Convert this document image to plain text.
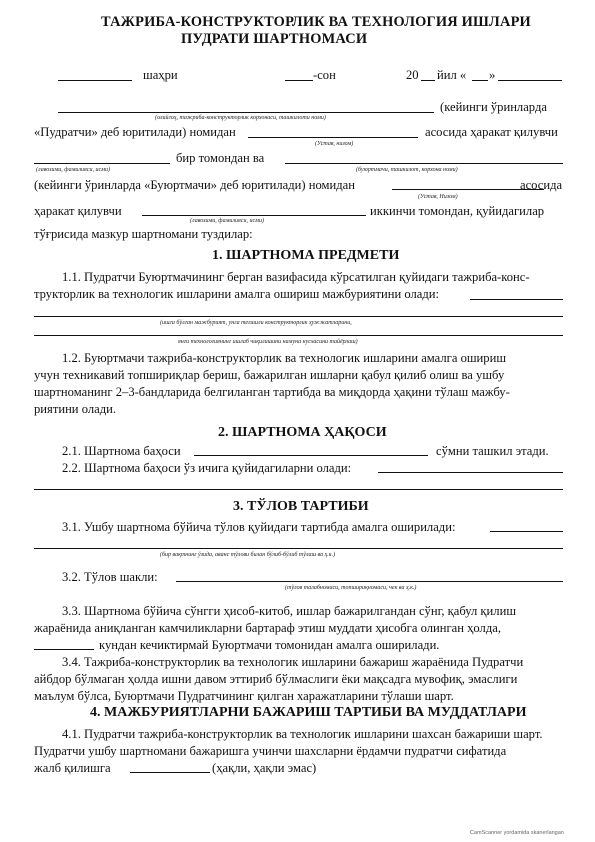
ТАЖРИБА-КОНСТРУКТОРЛИК ВА ТЕХНОЛОГИЯ ИШЛАРИ
ПУДРАТИ ШАРТНОМАСИ
шаҳри	-сон	20 йил « »
(кейинги ўринларда
(олийгоҳ, тажриба-конструкторлик корхонаси, ташкилоти номи)
«Пудратчи» деб юритилади) номидан	асосида ҳаракат қилувчи
(Устав, низом)
бир томондан ва
(лавозими, фамилияси, исми)	(буюртмачи, ташкилот, корхона номи)
(кейинги ўринларда «Буюртмачи» деб юритилади) номидан	асосида
(Устав, Низом)
ҳаракат қилувчи	иккинчи томондан, қуйидагилар
(лавозими, фамилияси, исми)
тўғрисида мазкур шартномани туздилар:
1. ШАРТНОМА ПРЕДМЕТИ
1.1. Пудратчи Буюртмачининг берган вазифасида кўрсатилган қуйидаги тажриба-конс-
трукторлик ва технологик ишларини амалга ошириш мажбуриятини олади:
(ишга бўлган мажбурият, унга тегишли конструкторлик ҳужжатларини,
янги технологиянинг ишлаб чиқилишини намуна нусхасини тайёрлаш)
1.2. Буюртмачи тажриба-конструкторлик ва технологик ишларини амалга ошириш
учун техникавий топшириқлар бериш, бажарилган ишларни қабул қилиб олиш ва ушбу
шартноманинг 2–3-бандларида белгиланган тартибда ва миқдорда ҳақини тўлаш мажбу-
риятини олади.
2. ШАРТНОМА ҲАҚОСИ
2.1. Шартнома баҳоси	сўмни ташкил этади.
2.2. Шартнома баҳоси ўз ичига қуйидагиларни олади:
3. ТЎЛОВ ТАРТИБИ
3.1. Ушбу шартнома бўйича тўлов қуйидаги тартибда амалга оширилади:
(бир вақтнинг ўзида, аванс тўлови билан бўлиб-бўлиб тўлаш ва ҳ.к.)
3.2. Тўлов шакли:
(тўлов талабномаси, топшириқномаси, чек ва ҳ.к.)
3.3. Шартнома бўйича сўнгги ҳисоб-китоб, ишлар бажарилгандан сўнг, қабул қилиш
жараёнида аниқланган камчиликларни бартараф этиш муддати ҳисобга олинган ҳолда,
кундан кечиктирмай Буюртмачи томонидан амалга оширилади.
3.4. Тажриба-конструкторлик ва технологик ишларини бажариш жараёнида Пудратчи
айбдор бўлмаган ҳолда ишни давом эттириб бўлмаслиги ёки мақсадга мувофиқ, эмаслиги
маълум бўлса, Буюртмачи Пудратчининг қилган харажатларини тўлаши шарт.
4. МАЖБУРИЯТЛАРНИ БАЖАРИШ ТАРТИБИ ВА МУДДАТЛАРИ
4.1. Пудратчи тажриба-конструкторлик ва технологик ишларини шахсан бажариши шарт.
Пудратчи ушбу шартномани бажаришга учинчи шахсларни ёрдамчи пудратчи сифатида
жалб қилишга	(ҳақли, ҳақли эмас)
CamScanner yordamida skanerlangan
